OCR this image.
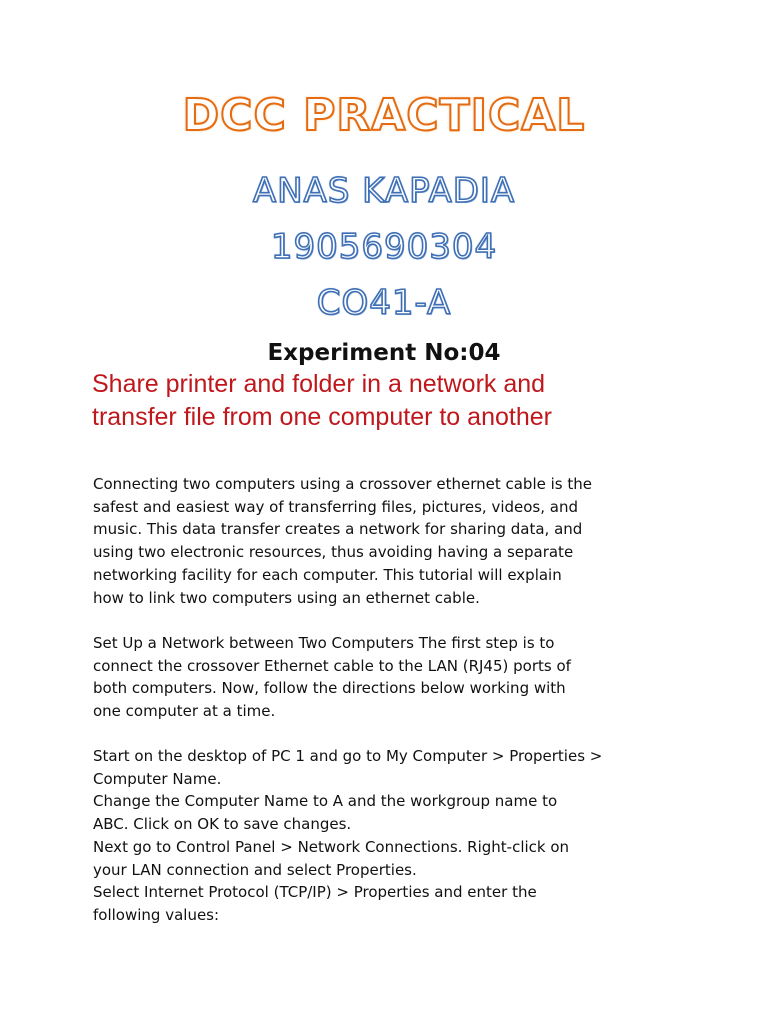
DCC PRACTICAL
ANAS KAPADIA
1905690304
CO41-A
Experiment No:04
Share printer and folder in a network and
transfer file from one computer to another
Connecting two computers using a crossover ethernet cable is the
safest and easiest way of transferring files, pictures, videos, and
music. This data transfer creates a network for sharing data, and
using two electronic resources, thus avoiding having a separate
networking facility for each computer. This tutorial will explain
how to link two computers using an ethernet cable.
Set Up a Network between Two Computers The first step is to
connect the crossover Ethernet cable to the LAN (RJ45) ports of
both computers. Now, follow the directions below working with
one computer at a time.
Start on the desktop of PC 1 and go to My Computer > Properties >
Computer Name.
Change the Computer Name to A and the workgroup name to
ABC. Click on OK to save changes.
Next go to Control Panel > Network Connections. Right-click on
your LAN connection and select Properties.
Select Internet Protocol (TCP/IP) > Properties and enter the
following values:
